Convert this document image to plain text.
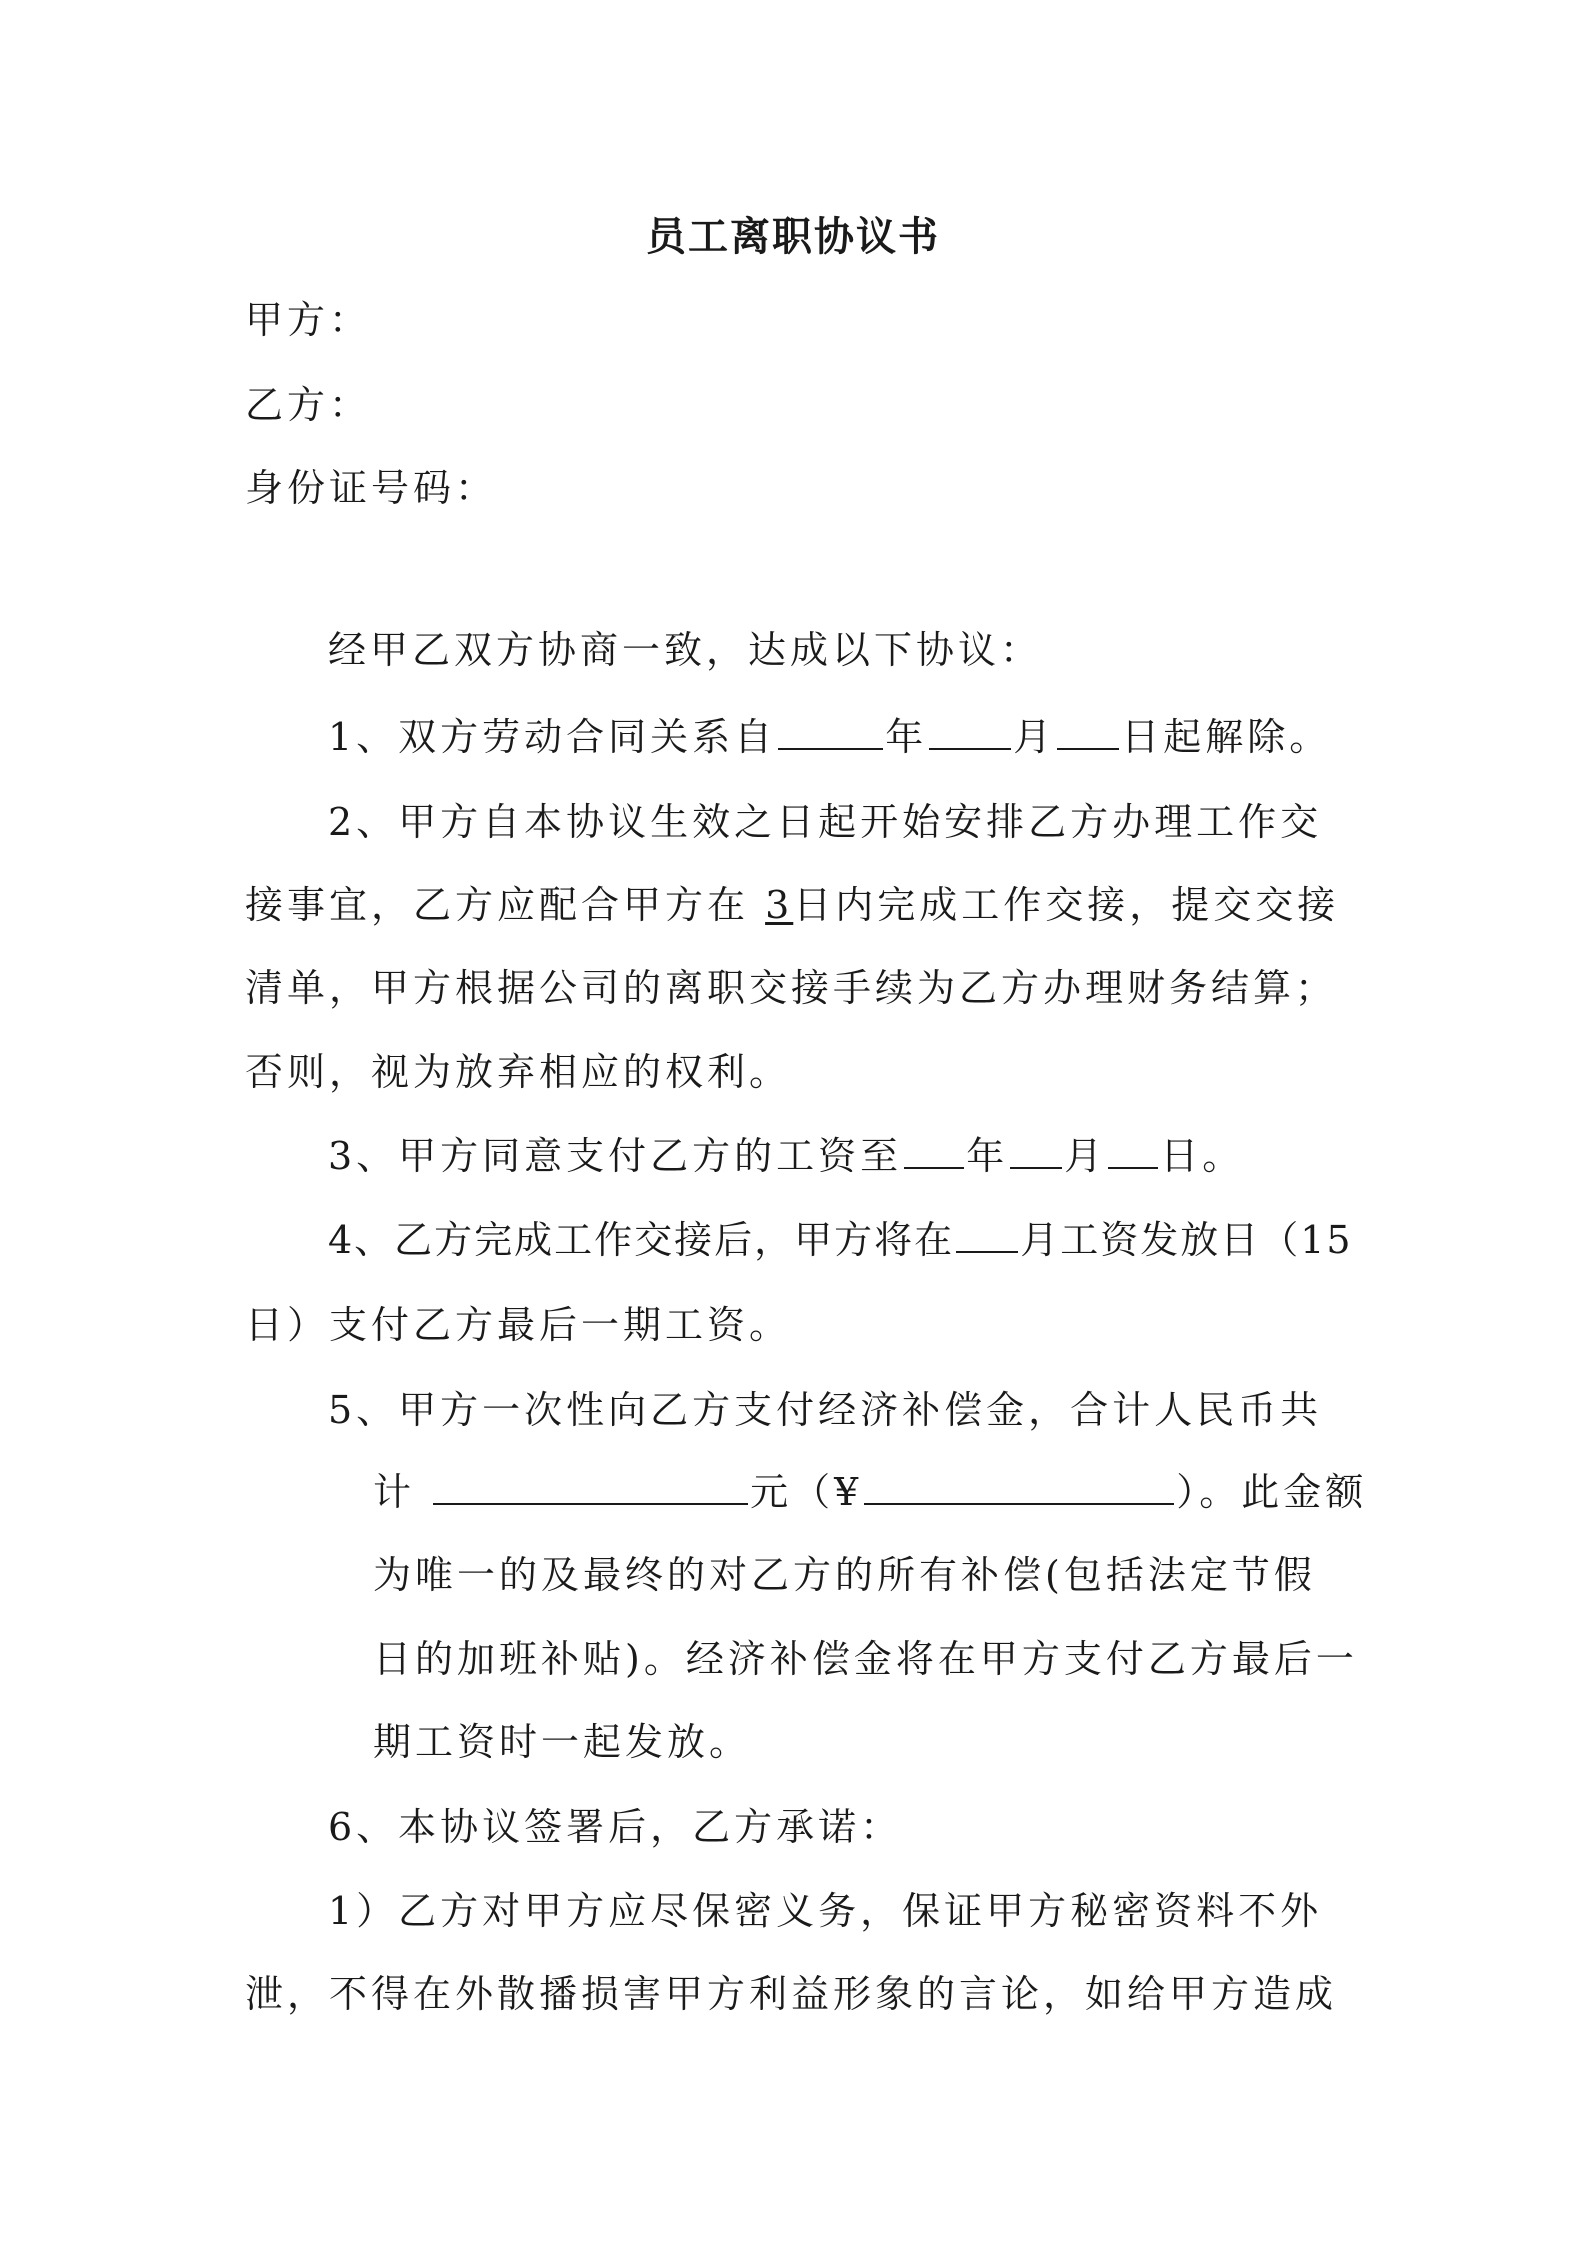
员工离职协议书
甲方：
乙方：
身份证号码：
经甲乙双方协商一致，达成以下协议：
1、双方劳动合同关系自	年 月 日起解除。
2、甲方自本协议生效之日起开始安排乙方办理工作交
接事宜，乙方应配合甲方在 3日内完成工作交接，提交交接
清单，甲方根据公司的离职交接手续为乙方办理财务结算；
否则，视为放弃相应的权利。
3、甲方同意支付乙方的工资至 年 月 日。
4、乙方完成工作交接后，甲方将在 月工资发放日（15
日）支付乙方最后一期工资。
5、甲方一次性向乙方支付经济补偿金，合计人民币共
计	元（¥	）。此金额
为唯一的及最终的对乙方的所有补偿(包括法定节假
日的加班补贴)。经济补偿金将在甲方支付乙方最后一
期工资时一起发放。
6、本协议签署后，乙方承诺：
1）乙方对甲方应尽保密义务，保证甲方秘密资料不外
泄，不得在外散播损害甲方利益形象的言论，如给甲方造成
